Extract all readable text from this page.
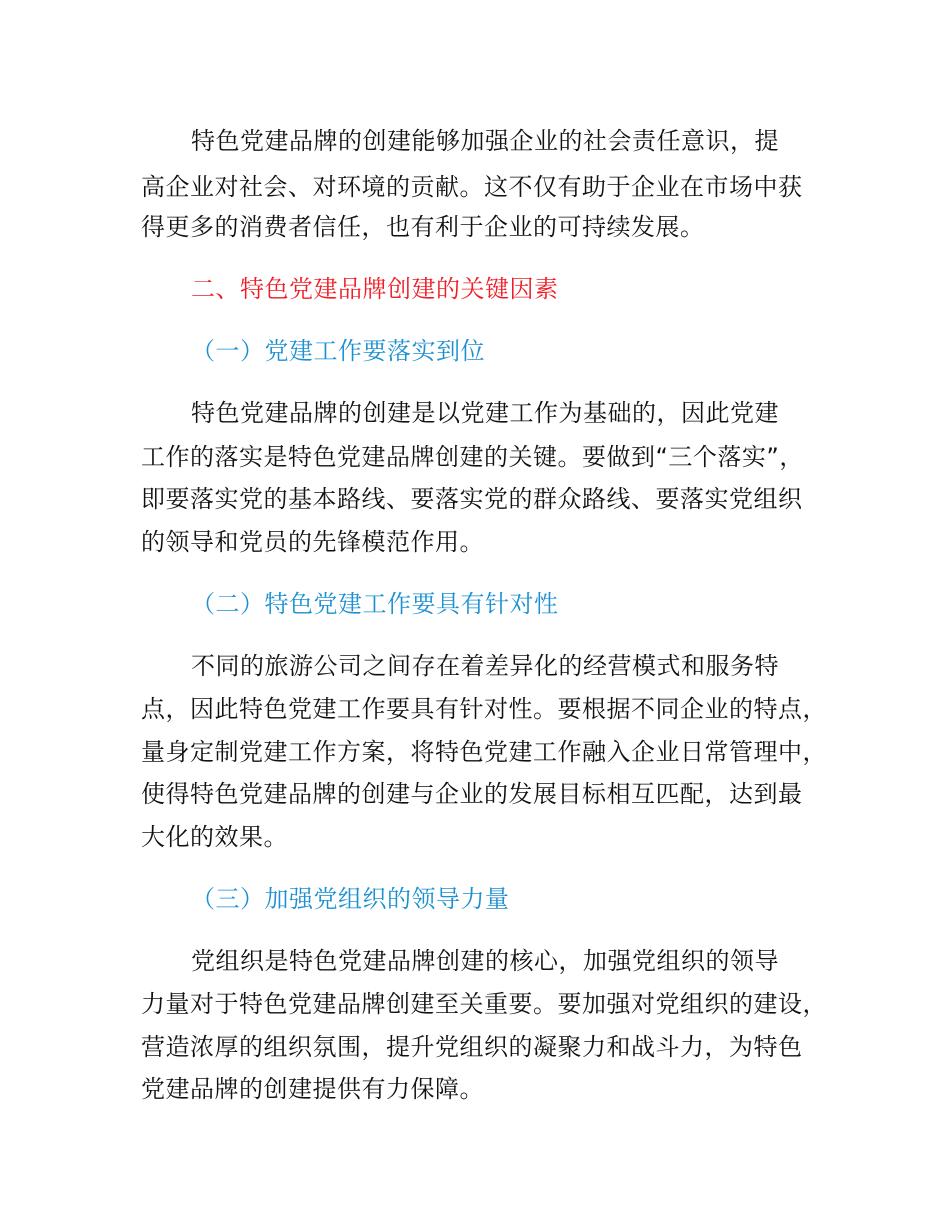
特色党建品牌的创建能够加强企业的社会责任意识，提
高企业对社会、对环境的贡献。这不仅有助于企业在市场中获
得更多的消费者信任，也有利于企业的可持续发展。
二、特色党建品牌创建的关键因素
（一）党建工作要落实到位
特色党建品牌的创建是以党建工作为基础的，因此党建
工作的落实是特色党建品牌创建的关键。要做到“三个落实”，
即要落实党的基本路线、要落实党的群众路线、要落实党组织
的领导和党员的先锋模范作用。
（二）特色党建工作要具有针对性
不同的旅游公司之间存在着差异化的经营模式和服务特
点，因此特色党建工作要具有针对性。要根据不同企业的特点，
量身定制党建工作方案，将特色党建工作融入企业日常管理中，
使得特色党建品牌的创建与企业的发展目标相互匹配，达到最
大化的效果。
（三）加强党组织的领导力量
党组织是特色党建品牌创建的核心，加强党组织的领导
力量对于特色党建品牌创建至关重要。要加强对党组织的建设，
营造浓厚的组织氛围，提升党组织的凝聚力和战斗力，为特色
党建品牌的创建提供有力保障。
